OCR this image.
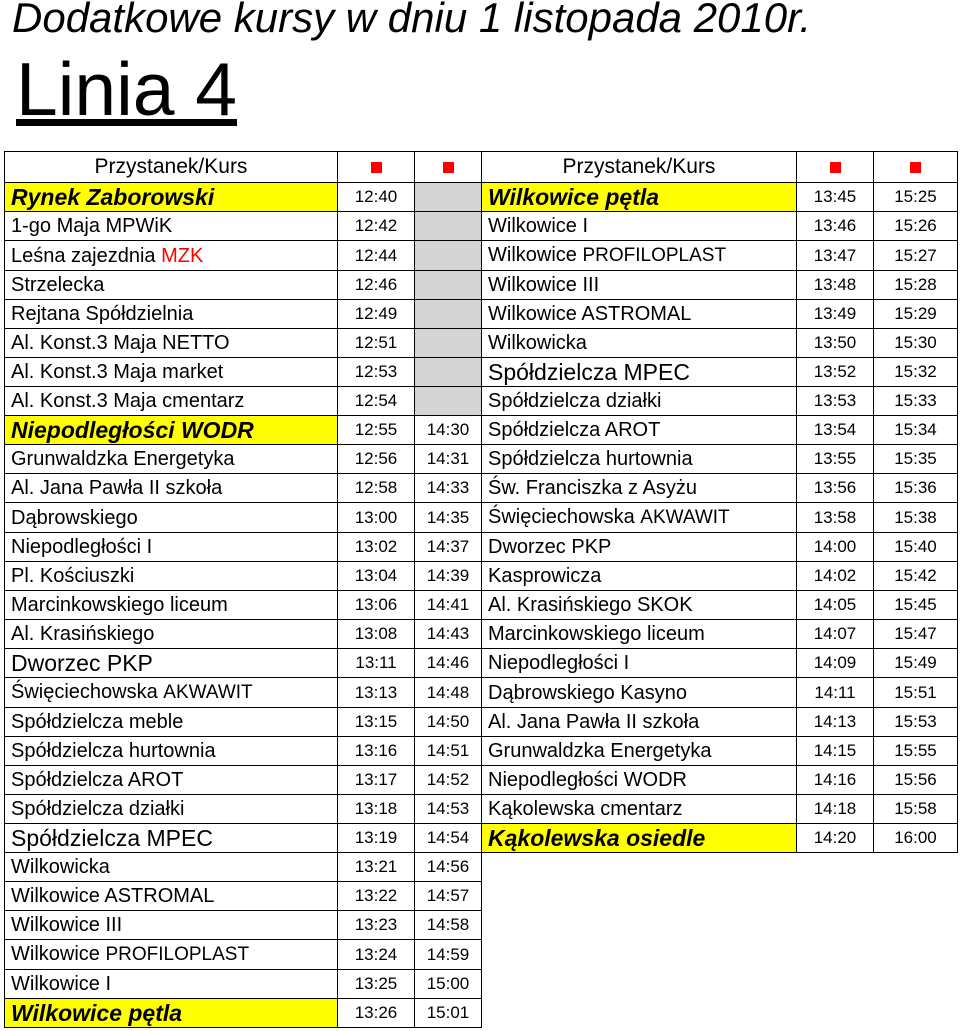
Dodatkowe kursy w dniu 1 listopada 2010r.
Linia 4
Przystanek/Kurs			Przystanek/Kurs		
Rynek Zaborowski	12:40		Wilkowice pętla	13:45	15:25
1-go Maja MPWiK	12:42		Wilkowice I	13:46	15:26
Leśna zajezdnia MZK	12:44		Wilkowice PROFILOPLAST	13:47	15:27
Strzelecka	12:46		Wilkowice III	13:48	15:28
Rejtana Spółdzielnia	12:49		Wilkowice ASTROMAL	13:49	15:29
Al. Konst.3 Maja NETTO	12:51		Wilkowicka	13:50	15:30
Al. Konst.3 Maja market	12:53		Spółdzielcza MPEC	13:52	15:32
Al. Konst.3 Maja cmentarz	12:54		Spółdzielcza działki	13:53	15:33
Niepodległości WODR	12:55	14:30	Spółdzielcza AROT	13:54	15:34
Grunwaldzka Energetyka	12:56	14:31	Spółdzielcza hurtownia	13:55	15:35
Al. Jana Pawła II szkoła	12:58	14:33	Św. Franciszka z Asyżu	13:56	15:36
Dąbrowskiego	13:00	14:35	Święciechowska AKWAWIT	13:58	15:38
Niepodległości I	13:02	14:37	Dworzec PKP	14:00	15:40
Pl. Kościuszki	13:04	14:39	Kasprowicza	14:02	15:42
Marcinkowskiego liceum	13:06	14:41	Al. Krasińskiego SKOK	14:05	15:45
Al. Krasińskiego	13:08	14:43	Marcinkowskiego liceum	14:07	15:47
Dworzec PKP	13:11	14:46	Niepodległości I	14:09	15:49
Święciechowska AKWAWIT	13:13	14:48	Dąbrowskiego Kasyno	14:11	15:51
Spółdzielcza meble	13:15	14:50	Al. Jana Pawła II szkoła	14:13	15:53
Spółdzielcza hurtownia	13:16	14:51	Grunwaldzka Energetyka	14:15	15:55
Spółdzielcza AROT	13:17	14:52	Niepodległości WODR	14:16	15:56
Spółdzielcza działki	13:18	14:53	Kąkolewska cmentarz	14:18	15:58
Spółdzielcza MPEC	13:19	14:54	Kąkolewska osiedle	14:20	16:00
Wilkowicka	13:21	14:56			
Wilkowice ASTROMAL	13:22	14:57			
Wilkowice III	13:23	14:58			
Wilkowice PROFILOPLAST	13:24	14:59			
Wilkowice I	13:25	15:00			
Wilkowice pętla	13:26	15:01			
